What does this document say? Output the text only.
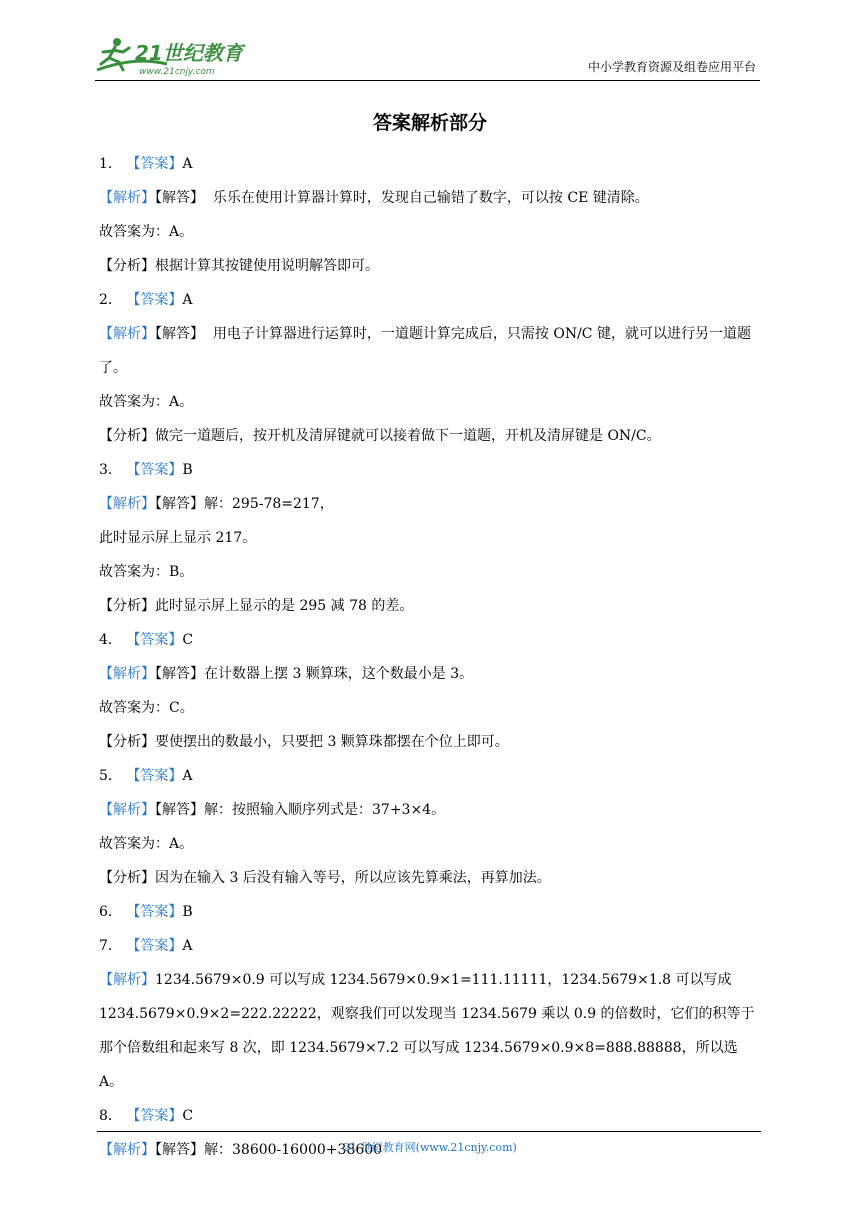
21世纪教育
www.21cnjy.com	中小学教育资源及组卷应用平台
答案解析部分
1． 【答案】A
【解析】【解答】 乐乐在使用计算器计算时，发现自己输错了数字，可以按 CE 键清除。
故答案为：A。
【分析】根据计算其按键使用说明解答即可。
2． 【答案】A
【解析】【解答】 用电子计算器进行运算时，一道题计算完成后，只需按 ON/C 键，就可以进行另一道题了。
故答案为：A。
【分析】做完一道题后，按开机及清屏键就可以接着做下一道题，开机及清屏键是 ON/C。
3． 【答案】B
【解析】【解答】解：295-78=217，
此时显示屏上显示 217。
故答案为：B。
【分析】此时显示屏上显示的是 295 减 78 的差。
4． 【答案】C
【解析】【解答】在计数器上摆 3 颗算珠，这个数最小是 3。
故答案为：C。
【分析】要使摆出的数最小，只要把 3 颗算珠都摆在个位上即可。
5． 【答案】A
【解析】【解答】解：按照输入顺序列式是：37+3×4。
故答案为：A。
【分析】因为在输入 3 后没有输入等号，所以应该先算乘法，再算加法。
6． 【答案】B
7． 【答案】A
【解析】1234.5679×0.9 可以写成 1234.5679×0.9×1=111.11111，1234.5679×1.8 可以写成 1234.5679×0.9×2=222.22222，观察我们可以发现当 1234.5679 乘以 0.9 的倍数时，它们的积等于那个倍数组和起来写 8 次，即 1234.5679×7.2 可以写成 1234.5679×0.9×8=888.88888，所以选 A。
8． 【答案】C
【解析】【解答】解：38600-16000+38600
21 世纪教育网(www.21cnjy.com)
